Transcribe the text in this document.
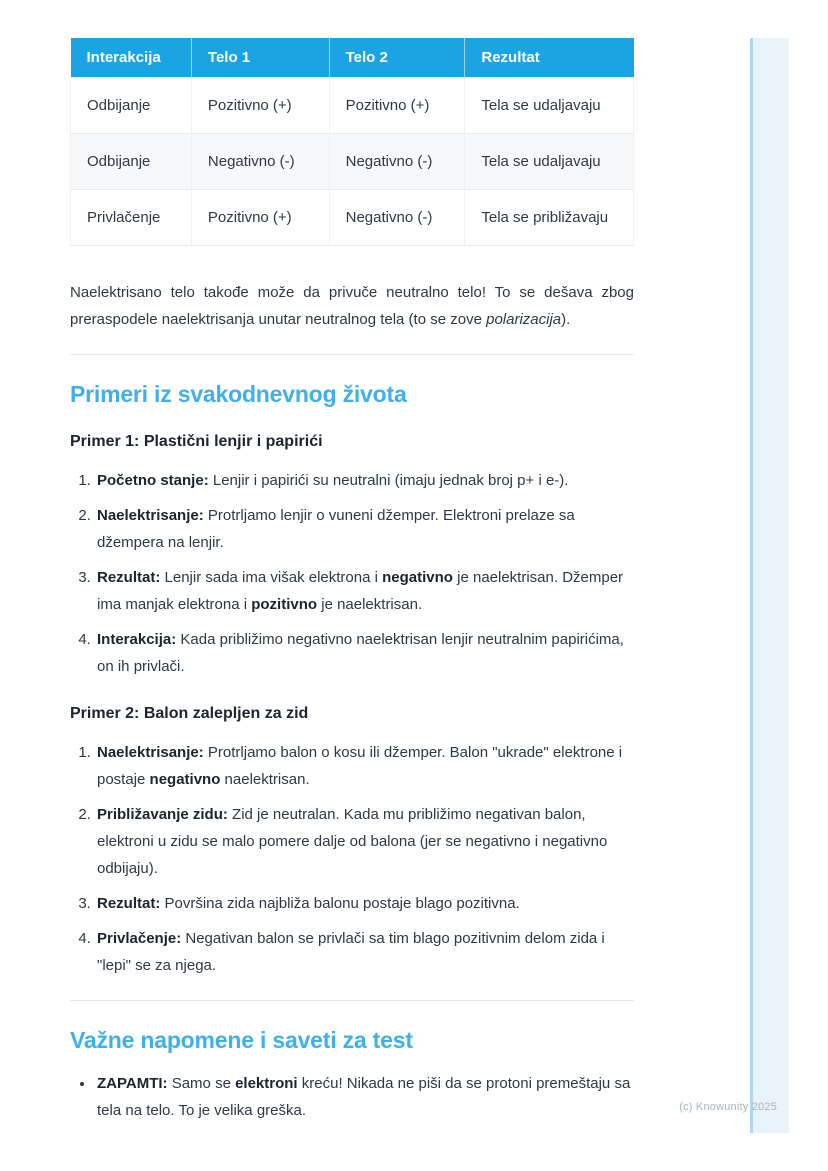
Interakcija	Telo 1	Telo 2	Rezultat
Odbijanje	Pozitivno (+)	Pozitivno (+)	Tela se udaljavaju
Odbijanje	Negativno (-)	Negativno (-)	Tela se udaljavaju
Privlačenje	Pozitivno (+)	Negativno (-)	Tela se približavaju

Naelektrisano telo takođe može da privuče neutralno telo! To se dešava zbog preraspodele naelektrisanja unutar neutralnog tela (to se zove polarizacija).

Primeri iz svakodnevnog života
Primer 1: Plastični lenjir i papirići
1. Početno stanje: Lenjir i papirići su neutralni (imaju jednak broj p+ i e-).
2. Naelektrisanje: Protrljamo lenjir o vuneni džemper. Elektroni prelaze sa džempera na lenjir.
3. Rezultat: Lenjir sada ima višak elektrona i negativno je naelektrisan. Džemper ima manjak elektrona i pozitivno je naelektrisan.
4. Interakcija: Kada približimo negativno naelektrisan lenjir neutralnim papirićima, on ih privlači.
Primer 2: Balon zalepljen za zid
1. Naelektrisanje: Protrljamo balon o kosu ili džemper. Balon "ukrade" elektrone i postaje negativno naelektrisan.
2. Približavanje zidu: Zid je neutralan. Kada mu približimo negativan balon, elektroni u zidu se malo pomere dalje od balona (jer se negativno i negativno odbijaju).
3. Rezultat: Površina zida najbliža balonu postaje blago pozitivna.
4. Privlačenje: Negativan balon se privlači sa tim blago pozitivnim delom zida i "lepi" se za njega.
Važne napomene i saveti za test
• ZAPAMTI: Samo se elektroni kreću! Nikada ne piši da se protoni premeštaju sa tela na telo. To je velika greška.	(c) Knowunity 2025
